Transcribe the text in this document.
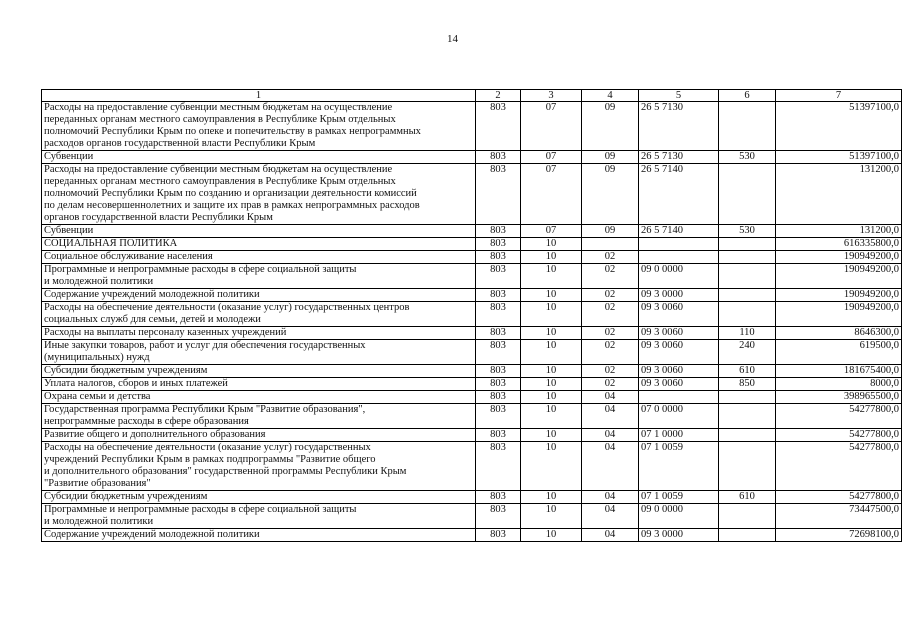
14
1	2	3	4	5	6	7

Расходы на предоставление субвенции местным бюджетам на осуществление
переданных органам местного самоуправления в Республике Крым отдельных
полномочий Республики Крым по опеке и попечительству в рамках непрограммных
расходов органов государственной власти Республики Крым	803	07	09	26 5 7130		51397100,0

Субвенции	803	07	09	26 5 7130	530	51397100,0

Расходы на предоставление субвенции местным бюджетам на осуществление
переданных органам местного самоуправления в Республике Крым отдельных
полномочий Республики Крым по созданию и организации деятельности комиссий
по делам несовершеннолетних и защите их прав в рамках непрограммных расходов
органов государственной власти Республики Крым	803	07	09	26 5 7140		131200,0

Субвенции	803	07	09	26 5 7140	530	131200,0

СОЦИАЛЬНАЯ ПОЛИТИКА	803	10				616335800,0

Социальное обслуживание населения	803	10	02			190949200,0

Программные и непрограммные расходы в сфере социальной защиты
и молодежной политики	803	10	02	09 0 0000		190949200,0

Содержание учреждений молодежной политики	803	10	02	09 3 0000		190949200,0

Расходы на обеспечение деятельности (оказание услуг) государственных центров
социальных служб для семьи, детей и молодежи	803	10	02	09 3 0060		190949200,0

Расходы на выплаты персоналу казенных учреждений	803	10	02	09 3 0060	110	8646300,0

Иные закупки товаров, работ и услуг для обеспечения государственных
(муниципальных) нужд	803	10	02	09 3 0060	240	619500,0

Субсидии бюджетным учреждениям	803	10	02	09 3 0060	610	181675400,0

Уплата налогов, сборов и иных платежей	803	10	02	09 3 0060	850	8000,0

Охрана семьи и детства	803	10	04			398965500,0

Государственная программа Республики Крым "Развитие образования",
непрограммные расходы в сфере образования	803	10	04	07 0 0000		54277800,0

Развитие общего и дополнительного образования	803	10	04	07 1 0000		54277800,0

Расходы на обеспечение деятельности (оказание услуг) государственных
учреждений Республики Крым в рамках подпрограммы "Развитие общего
и дополнительного образования" государственной программы Республики Крым
"Развитие образования"	803	10	04	07 1 0059		54277800,0

Субсидии бюджетным учреждениям	803	10	04	07 1 0059	610	54277800,0

Программные и непрограммные расходы в сфере социальной защиты
и молодежной политики	803	10	04	09 0 0000		73447500,0

Содержание учреждений молодежной политики	803	10	04	09 3 0000		72698100,0
